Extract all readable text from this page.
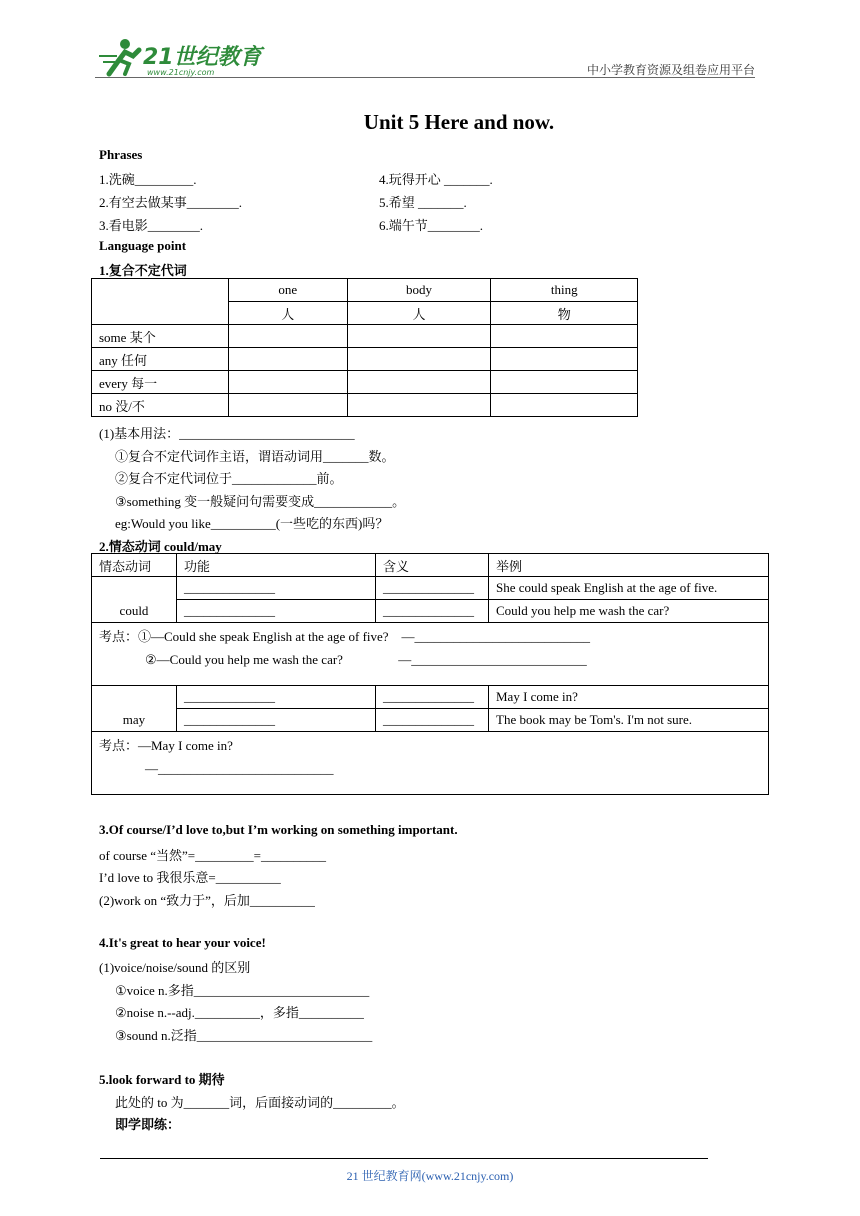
21世纪教育
www.21cnjy.com	中小学教育资源及组卷应用平台
Unit 5 Here and now.
Phrases
1.洗碗_________.
2.有空去做某事________.
3.看电影________.
4.玩得开心 _______.
5.希望 _______.
6.端午节________.
Language point
1.复合不定代词
	one	body	thing
	人	人	物
some 某个			
any 任何			
every 每一			
no 没/不			
(1)基本用法：___________________________
①复合不定代词作主语，谓语动词用_______数。
②复合不定代词位于_____________前。
③something 变一般疑问句需要变成____________。
eg:Would you like__________(一些吃的东西)吗？
2.情态动词 could/may
情态动词	功能	含义	举例
could	______________	______________	She could speak English at the age of five.
	______________	______________	Could you help me wash the car?

考点：①—Could she speak English at the age of five?    —___________________________
②—Could you help me wash the car?                 —___________________________			

may	______________	______________	May I come in?
	______________	______________	The book may be Tom's. I'm not sure.

考点：—May I come in?
—___________________________			
3.Of course/I’d love to,but I’m working on something important.
of course “当然”=_________=__________
I’d love to 我很乐意=__________
(2)work on “致力于”，后加__________
4.It's great to hear your voice!
(1)voice/noise/sound 的区别
①voice n.多指___________________________
②noise n.--adj.__________，多指__________
③sound n.泛指___________________________
5.look forward to 期待
此处的 to 为_______词，后面接动词的_________。
即学即练：
21 世纪教育网(www.21cnjy.com)
